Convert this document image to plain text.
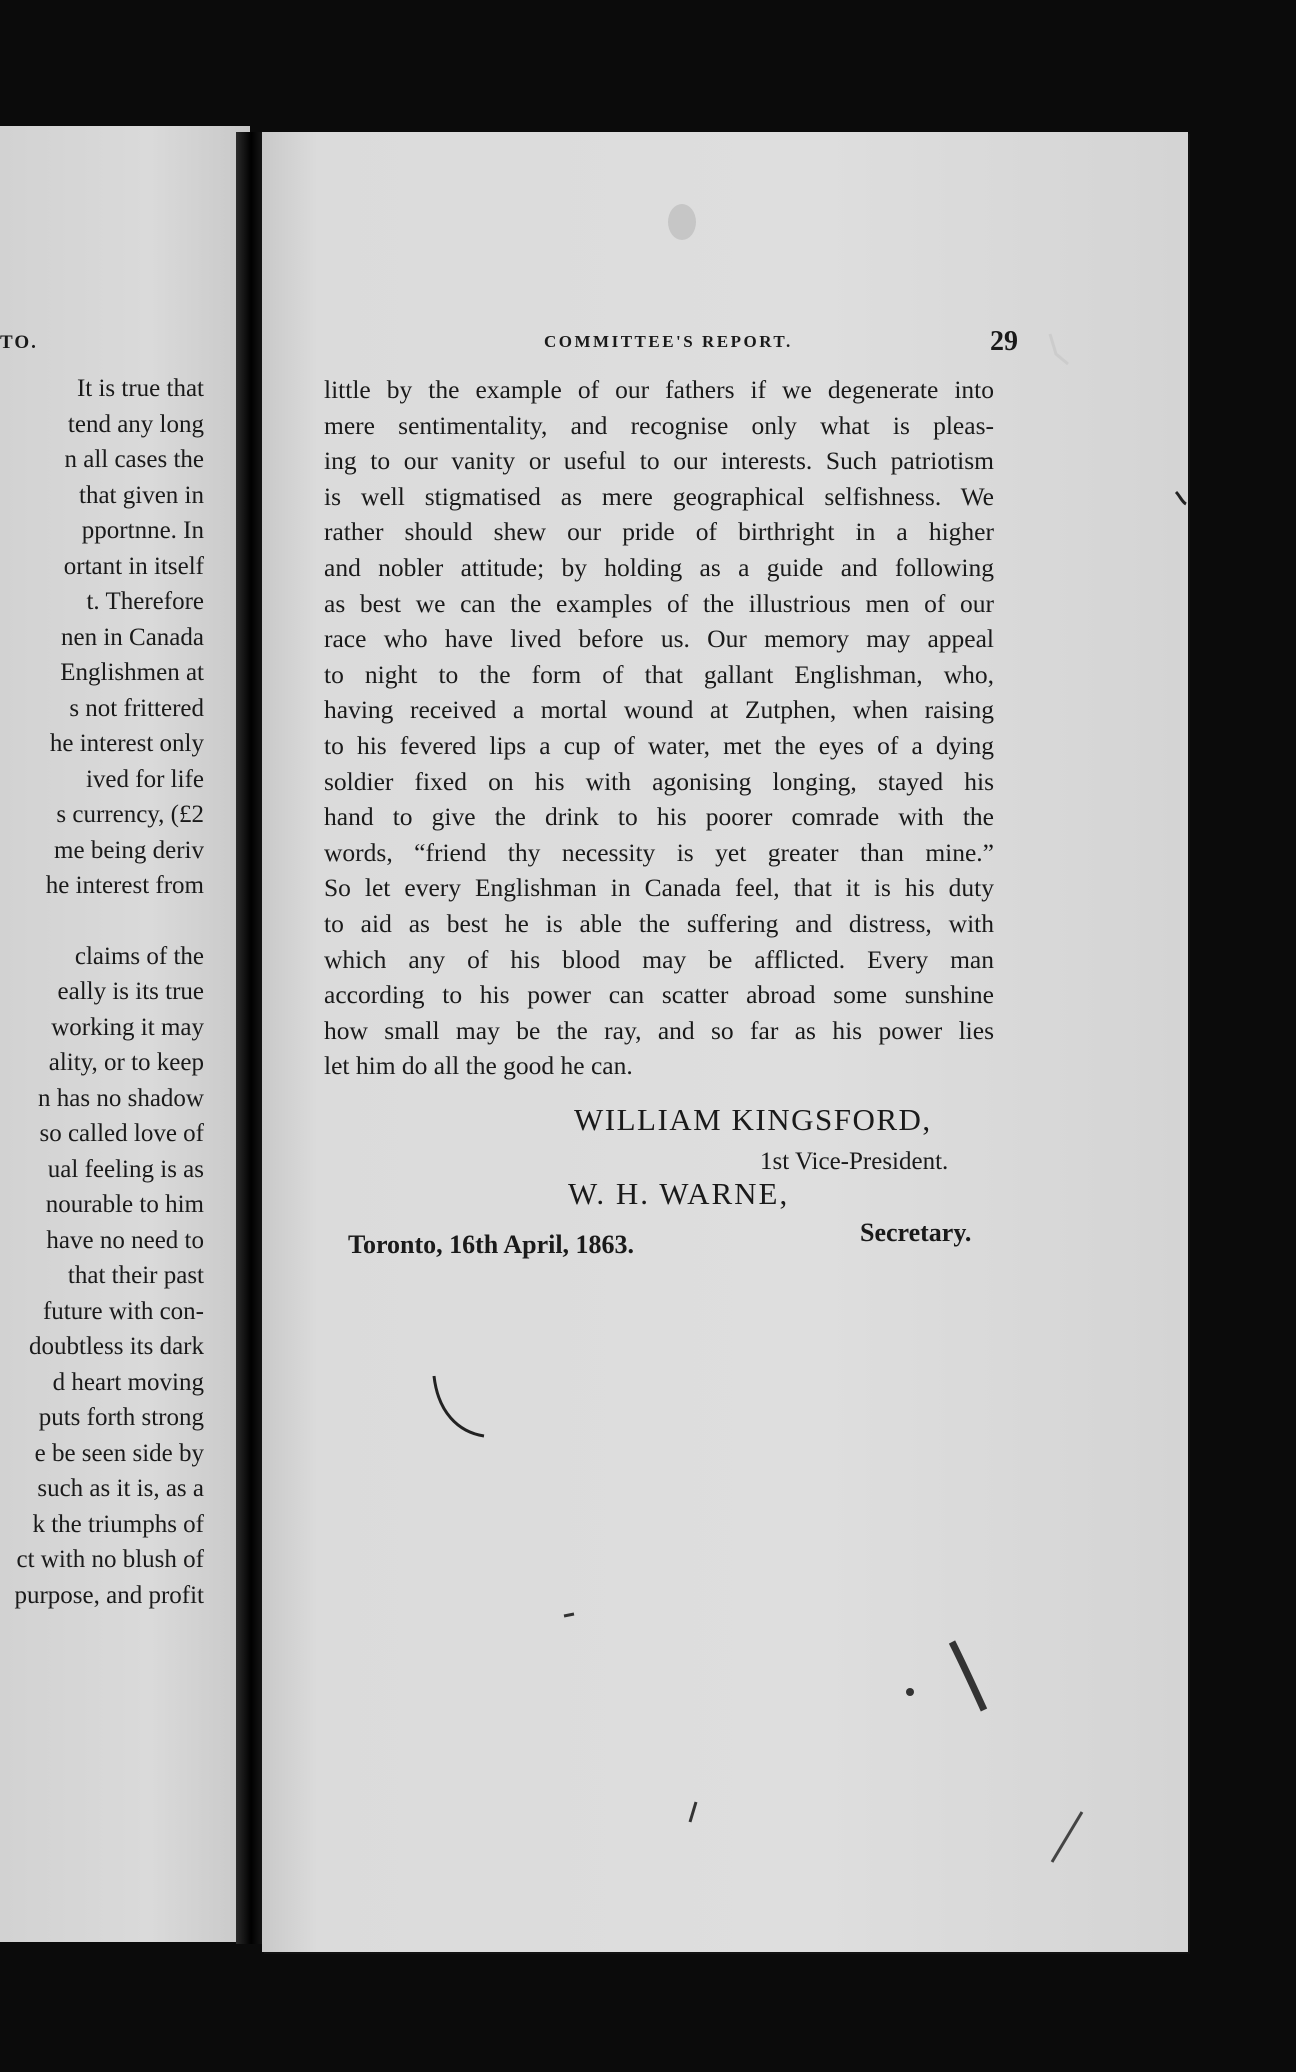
TO.
It is true that
tend any long
n all cases the
that given in
pportnne. In
ortant in itself
t. Therefore
nen in Canada
Englishmen at
s not frittered
he interest only
ived for life
s currency, (£2
me being deriv
he interest from
claims of the
eally is its true
working it may
ality, or to keep
n has no shadow
so called love of
ual feeling is as
nourable to him
have no need to
that their past
future with con-
doubtless its dark
d heart moving
puts forth strong
e be seen side by
such as it is, as a
k the triumphs of
ct with no blush of
purpose, and profit
COMMITTEE'S REPORT.	29
little by the example of our fathers if we degenerate into
mere sentimentality, and recognise only what is pleas-
ing to our vanity or useful to our interests. Such patriotism
is well stigmatised as mere geographical selfishness. We
rather should shew our pride of birthright in a higher
and nobler attitude; by holding as a guide and following
as best we can the examples of the illustrious men of our
race who have lived before us. Our memory may appeal
to night to the form of that gallant Englishman, who,
having received a mortal wound at Zutphen, when raising
to his fevered lips a cup of water, met the eyes of a dying
soldier fixed on his with agonising longing, stayed his
hand to give the drink to his poorer comrade with the
words, “friend thy necessity is yet greater than mine.”
So let every Englishman in Canada feel, that it is his duty
to aid as best he is able the suffering and distress, with
which any of his blood may be afflicted. Every man
according to his power can scatter abroad some sunshine
how small may be the ray, and so far as his power lies
let him do all the good he can.
WILLIAM KINGSFORD,
1st Vice-President.
W. H. WARNE,
Secretary.
Toronto, 16th April, 1863.
